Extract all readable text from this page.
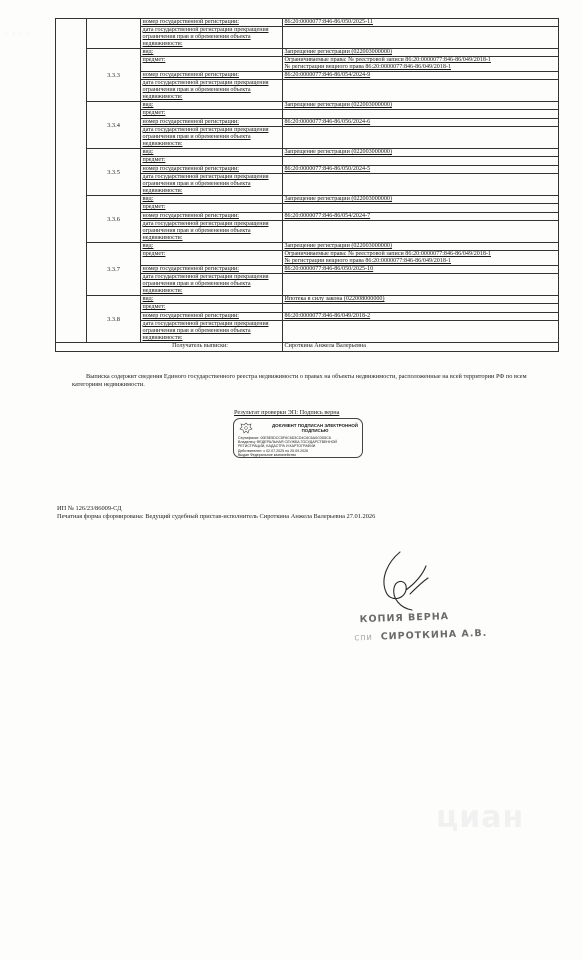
· · · ·
		номер государственной регистрации:	86:20:0000077:846-86/050/2025-11
		дата государственной регистрации прекращения ограничения прав и обременения объекта недвижимости:	
	3.3.3	вид:	Запрещение регистрации (022003000000)
		предмет:	Ограничиваемые права: № реестровой записи 86:20:0000077:846-86/049/2018-1
№ регистрации вещного права 86:20:0000077:846-86/049/2018-1
		номер государственной регистрации:	86:20:0000077:846-86/054/2024-9
		дата государственной регистрации прекращения ограничения прав и обременения объекта недвижимости:	
	3.3.4	вид:	Запрещение регистрации (022003000000)
		предмет:	
		номер государственной регистрации:	86:20:0000077:846-86/056/2024-6
		дата государственной регистрации прекращения ограничения прав и обременения объекта недвижимости:	
	3.3.5	вид:	Запрещение регистрации (022003000000)
		предмет:	
		номер государственной регистрации:	86:20:0000077:846-86/050/2024-5
		дата государственной регистрации прекращения ограничения прав и обременения объекта недвижимости:	
	3.3.6	вид:	Запрещение регистрации (022003000000)
		предмет:	
		номер государственной регистрации:	86:20:0000077:846-86/054/2024-7
		дата государственной регистрации прекращения ограничения прав и обременения объекта недвижимости:	
	3.3.7	вид:	Запрещение регистрации (022003000000)
		предмет:	Ограничиваемые права: № реестровой записи 86:20:0000077:846-86/049/2018-1
№ регистрации вещного права 86:20:0000077:846-86/049/2018-1
		номер государственной регистрации:	86:20:0000077:846-86/050/2025-10
		дата государственной регистрации прекращения ограничения прав и обременения объекта недвижимости:	
	3.3.8	вид:	Ипотека в силу закона (022008000000)
		предмет:	
		номер государственной регистрации:	86:20:0000077:846-86/049/2018-2
		дата государственной регистрации прекращения ограничения прав и обременения объекта недвижимости:	
Получатель выписки:			Сироткина Анжела Валерьевна
Выписка содержит сведения Единого государственного реестра недвижимости о правах на объекты недвижимости, расположенные на всей территории РФ по всем категориям недвижимости.
Результат проверки ЭП: Подпись верна
ДОКУМЕНТ ПОДПИСАН ЭЛЕКТРОННОЙ ПОДПИСЬЮ
Сертификат: 00E5E5DCC5F6C6D3CD4C6C6A0C0D5C6
Владелец: ФЕДЕРАЛЬНАЯ СЛУЖБА ГОСУДАРСТВЕННОЙ
РЕГИСТРАЦИИ, КАДАСТРА И КАРТОГРАФИИ
Действителен: с 02.07.2025 по 25.09.2026
Выдан Федеральное казначейство
ИП № 126/23/86009-СД
Печатная форма сформирована: Ведущий судебный пристав-исполнитель Сироткина Анжела Валерьевна 27.01.2026
КОПИЯ ВЕРНА
СПИ СИРОТКИНА А.В.
циан
